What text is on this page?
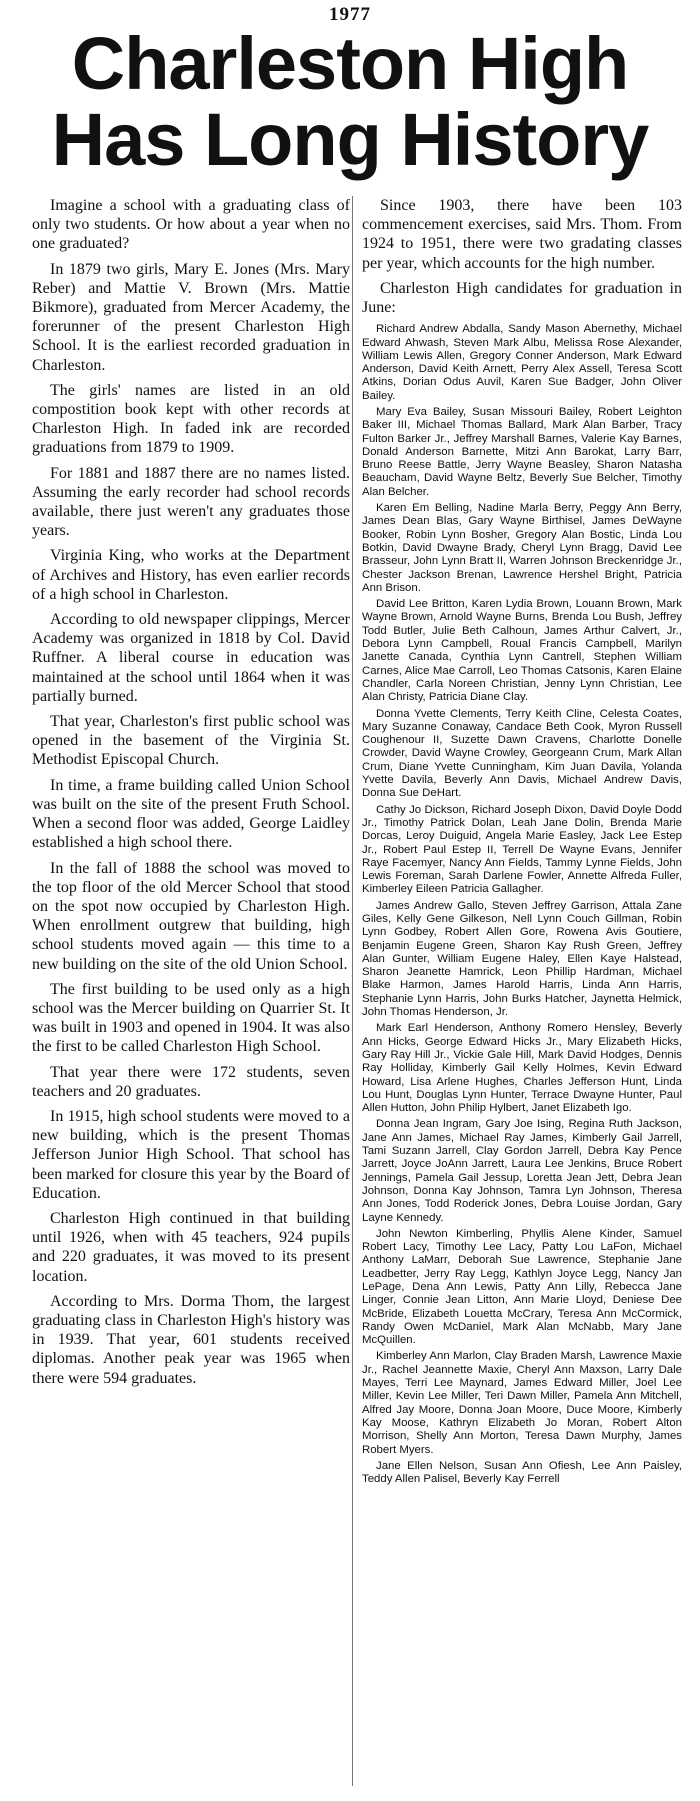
1977
Charleston High
Has Long History

Imagine a school with a graduating class of only two students. Or how about a year when no one graduated?

In 1879 two girls, Mary E. Jones (Mrs. Mary Reber) and Mattie V. Brown (Mrs. Mattie Bikmore), graduated from Mercer Academy, the forerunner of the present Charleston High School. It is the earliest recorded graduation in Charleston.

The girls' names are listed in an old compostition book kept with other records at Charleston High. In faded ink are recorded graduations from 1879 to 1909.

For 1881 and 1887 there are no names listed. Assuming the early recorder had school records available, there just weren't any graduates those years.

Virginia King, who works at the Department of Archives and History, has even earlier records of a high school in Charleston.

According to old newspaper clippings, Mercer Academy was organized in 1818 by Col. David Ruffner. A liberal course in education was maintained at the school until 1864 when it was partially burned.

That year, Charleston's first public school was opened in the basement of the Virginia St. Methodist Episcopal Church.

In time, a frame building called Union School was built on the site of the present Fruth School. When a second floor was added, George Laidley established a high school there.

In the fall of 1888 the school was moved to the top floor of the old Mercer School that stood on the spot now occupied by Charleston High. When enrollment outgrew that building, high school students moved again — this time to a new building on the site of the old Union School.

The first building to be used only as a high school was the Mercer building on Quarrier St. It was built in 1903 and opened in 1904. It was also the first to be called Charleston High School.

That year there were 172 students, seven teachers and 20 graduates.

In 1915, high school students were moved to a new building, which is the present Thomas Jefferson Junior High School. That school has been marked for closure this year by the Board of Education.

Charleston High continued in that building until 1926, when with 45 teachers, 924 pupils and 220 graduates, it was moved to its present location.

According to Mrs. Dorma Thom, the largest graduating class in Charleston High's history was in 1939. That year, 601 students received diplomas. Another peak year was 1965 when there were 594 graduates.

Since 1903, there have been 103 commencement exercises, said Mrs. Thom. From 1924 to 1951, there were two gradating classes per year, which accounts for the high number.

Charleston High candidates for graduation in June:

Richard Andrew Abdalla, Sandy Mason Abernethy, Michael Edward Ahwash, Steven Mark Albu, Melissa Rose Alexander, William Lewis Allen, Gregory Conner Anderson, Mark Edward Anderson, David Keith Arnett, Perry Alex Assell, Teresa Scott Atkins, Dorian Odus Auvil, Karen Sue Badger, John Oliver Bailey.

Mary Eva Bailey, Susan Missouri Bailey, Robert Leighton Baker III, Michael Thomas Ballard, Mark Alan Barber, Tracy Fulton Barker Jr., Jeffrey Marshall Barnes, Valerie Kay Barnes, Donald Anderson Barnette, Mitzi Ann Barokat, Larry Barr, Bruno Reese Battle, Jerry Wayne Beasley, Sharon Natasha Beaucham, David Wayne Beltz, Beverly Sue Belcher, Timothy Alan Belcher.

Karen Em Belling, Nadine Marla Berry, Peggy Ann Berry, James Dean Blas, Gary Wayne Birthisel, James DeWayne Booker, Robin Lynn Bosher, Gregory Alan Bostic, Linda Lou Botkin, David Dwayne Brady, Cheryl Lynn Bragg, David Lee Brasseur, John Lynn Bratt II, Warren Johnson Breckenridge Jr., Chester Jackson Brenan, Lawrence Hershel Bright, Patricia Ann Brison.

David Lee Britton, Karen Lydia Brown, Louann Brown, Mark Wayne Brown, Arnold Wayne Burns, Brenda Lou Bush, Jeffrey Todd Butler, Julie Beth Calhoun, James Arthur Calvert, Jr., Debora Lynn Campbell, Roual Francis Campbell, Marilyn Janette Canada, Cynthia Lynn Cantrell, Stephen William Carnes, Alice Mae Carroll, Leo Thomas Catsonis, Karen Elaine Chandler, Carla Noreen Christian, Jenny Lynn Christian, Lee Alan Christy, Patricia Diane Clay.

Donna Yvette Clements, Terry Keith Cline, Celesta Coates, Mary Suzanne Conaway, Candace Beth Cook, Myron Russell Coughenour II, Suzette Dawn Cravens, Charlotte Donelle Crowder, David Wayne Crowley, Georgeann Crum, Mark Allan Crum, Diane Yvette Cunningham, Kim Juan Davila, Yolanda Yvette Davila, Beverly Ann Davis, Michael Andrew Davis, Donna Sue DeHart.

Cathy Jo Dickson, Richard Joseph Dixon, David Doyle Dodd Jr., Timothy Patrick Dolan, Leah Jane Dolin, Brenda Marie Dorcas, Leroy Duiguid, Angela Marie Easley, Jack Lee Estep Jr., Robert Paul Estep II, Terrell De Wayne Evans, Jennifer Raye Facemyer, Nancy Ann Fields, Tammy Lynne Fields, John Lewis Foreman, Sarah Darlene Fowler, Annette Alfreda Fuller, Kimberley Eileen Patricia Gallagher.

James Andrew Gallo, Steven Jeffrey Garrison, Attala Zane Giles, Kelly Gene Gilkeson, Nell Lynn Couch Gillman, Robin Lynn Godbey, Robert Allen Gore, Rowena Avis Goutiere, Benjamin Eugene Green, Sharon Kay Rush Green, Jeffrey Alan Gunter, William Eugene Haley, Ellen Kaye Halstead, Sharon Jeanette Hamrick, Leon Phillip Hardman, Michael Blake Harmon, James Harold Harris, Linda Ann Harris, Stephanie Lynn Harris, John Burks Hatcher, Jaynetta Helmick, John Thomas Henderson, Jr.

Mark Earl Henderson, Anthony Romero Hensley, Beverly Ann Hicks, George Edward Hicks Jr., Mary Elizabeth Hicks, Gary Ray Hill Jr., Vickie Gale Hill, Mark David Hodges, Dennis Ray Holliday, Kimberly Gail Kelly Holmes, Kevin Edward Howard, Lisa Arlene Hughes, Charles Jefferson Hunt, Linda Lou Hunt, Douglas Lynn Hunter, Terrace Dwayne Hunter, Paul Allen Hutton, John Philip Hylbert, Janet Elizabeth Igo.

Donna Jean Ingram, Gary Joe Ising, Regina Ruth Jackson, Jane Ann James, Michael Ray James, Kimberly Gail Jarrell, Tami Suzann Jarrell, Clay Gordon Jarrell, Debra Kay Pence Jarrett, Joyce JoAnn Jarrett, Laura Lee Jenkins, Bruce Robert Jennings, Pamela Gail Jessup, Loretta Jean Jett, Debra Jean Johnson, Donna Kay Johnson, Tamra Lyn Johnson, Theresa Ann Jones, Todd Roderick Jones, Debra Louise Jordan, Gary Layne Kennedy.

John Newton Kimberling, Phyllis Alene Kinder, Samuel Robert Lacy, Timothy Lee Lacy, Patty Lou LaFon, Michael Anthony LaMarr, Deborah Sue Lawrence, Stephanie Jane Leadbetter, Jerry Ray Legg, Kathlyn Joyce Legg, Nancy Jan LePage, Dena Ann Lewis, Patty Ann Lilly, Rebecca Jane Linger, Connie Jean Litton, Ann Marie Lloyd, Deniese Dee McBride, Elizabeth Louetta McCrary, Teresa Ann McCormick, Randy Owen McDaniel, Mark Alan McNabb, Mary Jane McQuillen.

Kimberley Ann Marlon, Clay Braden Marsh, Lawrence Maxie Jr., Rachel Jeannette Maxie, Cheryl Ann Maxson, Larry Dale Mayes, Terri Lee Maynard, James Edward Miller, Joel Lee Miller, Kevin Lee Miller, Teri Dawn Miller, Pamela Ann Mitchell, Alfred Jay Moore, Donna Joan Moore, Duce Moore, Kimberly Kay Moose, Kathryn Elizabeth Jo Moran, Robert Alton Morrison, Shelly Ann Morton, Teresa Dawn Murphy, James Robert Myers.

Jane Ellen Nelson, Susan Ann Ofiesh, Lee Ann Paisley, Teddy Allen Palisel, Beverly Kay Ferrell
